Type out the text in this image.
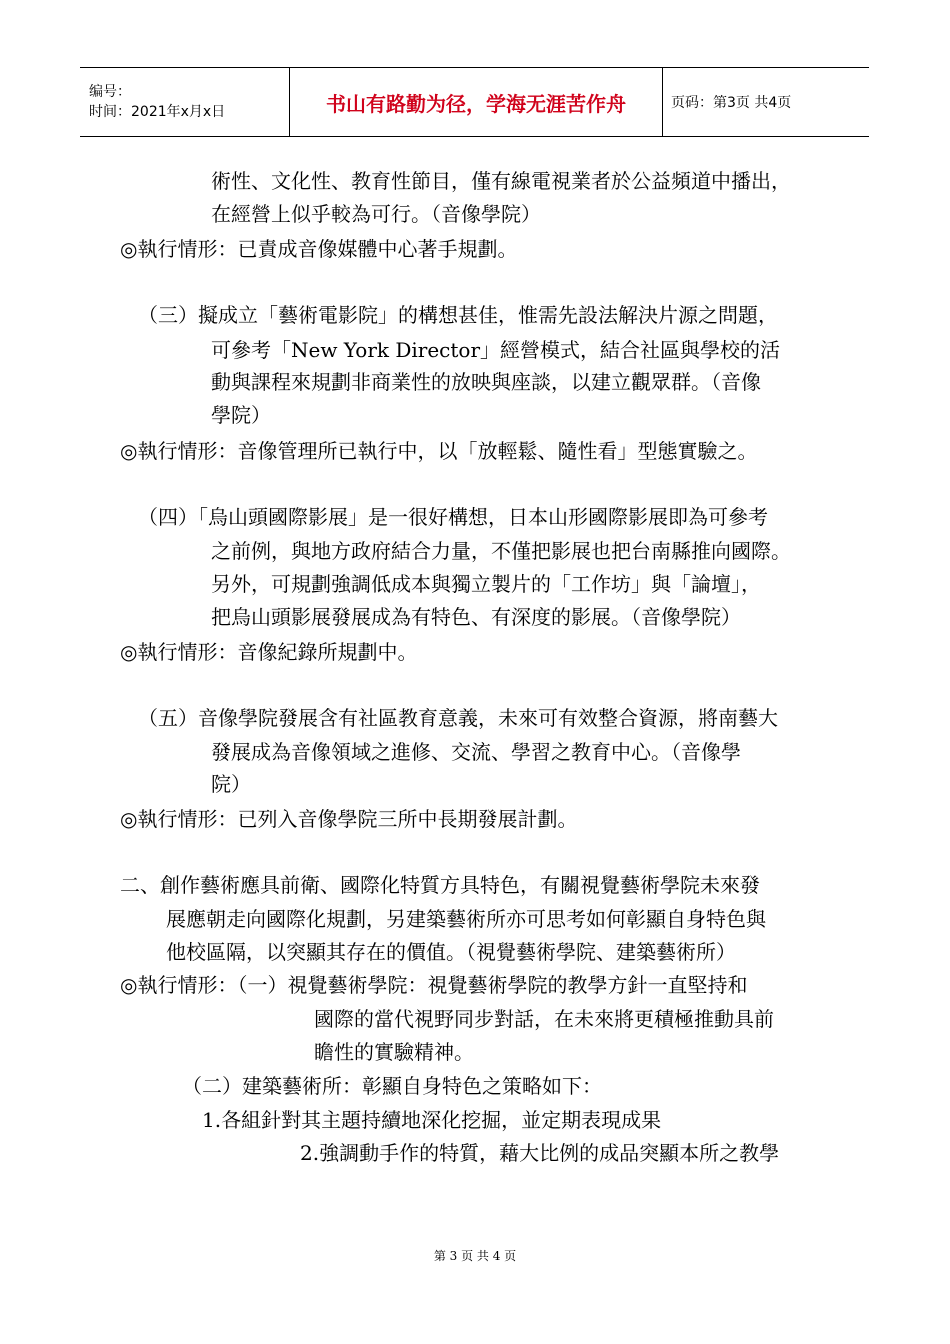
编号：
时间：2021年x月x日	书山有路勤为径，学海无涯苦作舟	页码：第3页 共4页
術性、文化性、教育性節目，僅有線電視業者於公益頻道中播出，
在經營上似乎較為可行。（音像學院）
◎執行情形：已責成音像媒體中心著手規劃。
（三）擬成立「藝術電影院」的構想甚佳，惟需先設法解決片源之問題，
可參考「New York Director」經營模式，結合社區與學校的活
動與課程來規劃非商業性的放映與座談，以建立觀眾群。（音像
學院）
◎執行情形：音像管理所已執行中，以「放輕鬆、隨性看」型態實驗之。
（四）「烏山頭國際影展」是一很好構想，日本山形國際影展即為可參考
之前例，與地方政府結合力量，不僅把影展也把台南縣推向國際。
另外，可規劃強調低成本與獨立製片的「工作坊」與「論壇」，
把烏山頭影展發展成為有特色、有深度的影展。（音像學院）
◎執行情形：音像紀錄所規劃中。
（五）音像學院發展含有社區教育意義，未來可有效整合資源，將南藝大
發展成為音像領域之進修、交流、學習之教育中心。（音像學
院）
◎執行情形：已列入音像學院三所中長期發展計劃。
二、創作藝術應具前衛、國際化特質方具特色，有關視覺藝術學院未來發
展應朝走向國際化規劃，另建築藝術所亦可思考如何彰顯自身特色與
他校區隔，以突顯其存在的價值。（視覺藝術學院、建築藝術所）
◎執行情形：（一）視覺藝術學院：視覺藝術學院的教學方針一直堅持和
國際的當代視野同步對話，在未來將更積極推動具前
瞻性的實驗精神。
（二）建築藝術所：彰顯自身特色之策略如下：
1.各組針對其主題持續地深化挖掘，並定期表現成果
2.強調動手作的特質，藉大比例的成品突顯本所之教學
第 3 页 共 4 页
